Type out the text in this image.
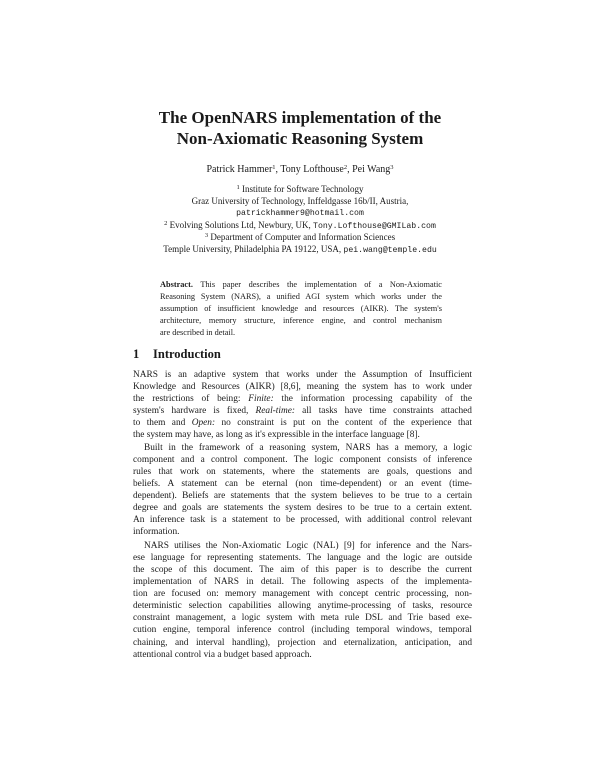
The OpenNARS implementation of the
Non-Axiomatic Reasoning System
Patrick Hammer$^1$, Tony Lofthouse$^2$, Pei Wang$^3$
$^1$ Institute for Software Technology
Graz University of Technology, Inffeldgasse 16b/II, Austria,
patrickhammer9@hotmail.com
$^2$ Evolving Solutions Ltd, Newbury, UK, Tony.Lofthouse@GMILab.com
$^3$ Department of Computer and Information Sciences
Temple University, Philadelphia PA 19122, USA, pei.wang@temple.edu
Abstract. This paper describes the implementation of a Non-Axiomatic
Reasoning System (NARS), a unified AGI system which works under the
assumption of insufficient knowledge and resources (AIKR). The system's
architecture, memory structure, inference engine, and control mechanism
are described in detail.
1 Introduction
NARS is an adaptive system that works under the Assumption of Insufficient
Knowledge and Resources (AIKR) [8,6], meaning the system has to work under
the restrictions of being: Finite: the information processing capability of the
system's hardware is fixed, Real-time: all tasks have time constraints attached
to them and Open: no constraint is put on the content of the experience that
the system may have, as long as it's expressible in the interface language [8].
Built in the framework of a reasoning system, NARS has a memory, a logic
component and a control component. The logic component consists of inference
rules that work on statements, where the statements are goals, questions and
beliefs. A statement can be eternal (non time-dependent) or an event (time-
dependent). Beliefs are statements that the system believes to be true to a certain
degree and goals are statements the system desires to be true to a certain extent.
An inference task is a statement to be processed, with additional control relevant
information.
NARS utilises the Non-Axiomatic Logic (NAL) [9] for inference and the Nars-
ese language for representing statements. The language and the logic are outside
the scope of this document. The aim of this paper is to describe the current
implementation of NARS in detail. The following aspects of the implementa-
tion are focused on: memory management with concept centric processing, non-
deterministic selection capabilities allowing anytime-processing of tasks, resource
constraint management, a logic system with meta rule DSL and Trie based exe-
cution engine, temporal inference control (including temporal windows, temporal
chaining, and interval handling), projection and eternalization, anticipation, and
attentional control via a budget based approach.
